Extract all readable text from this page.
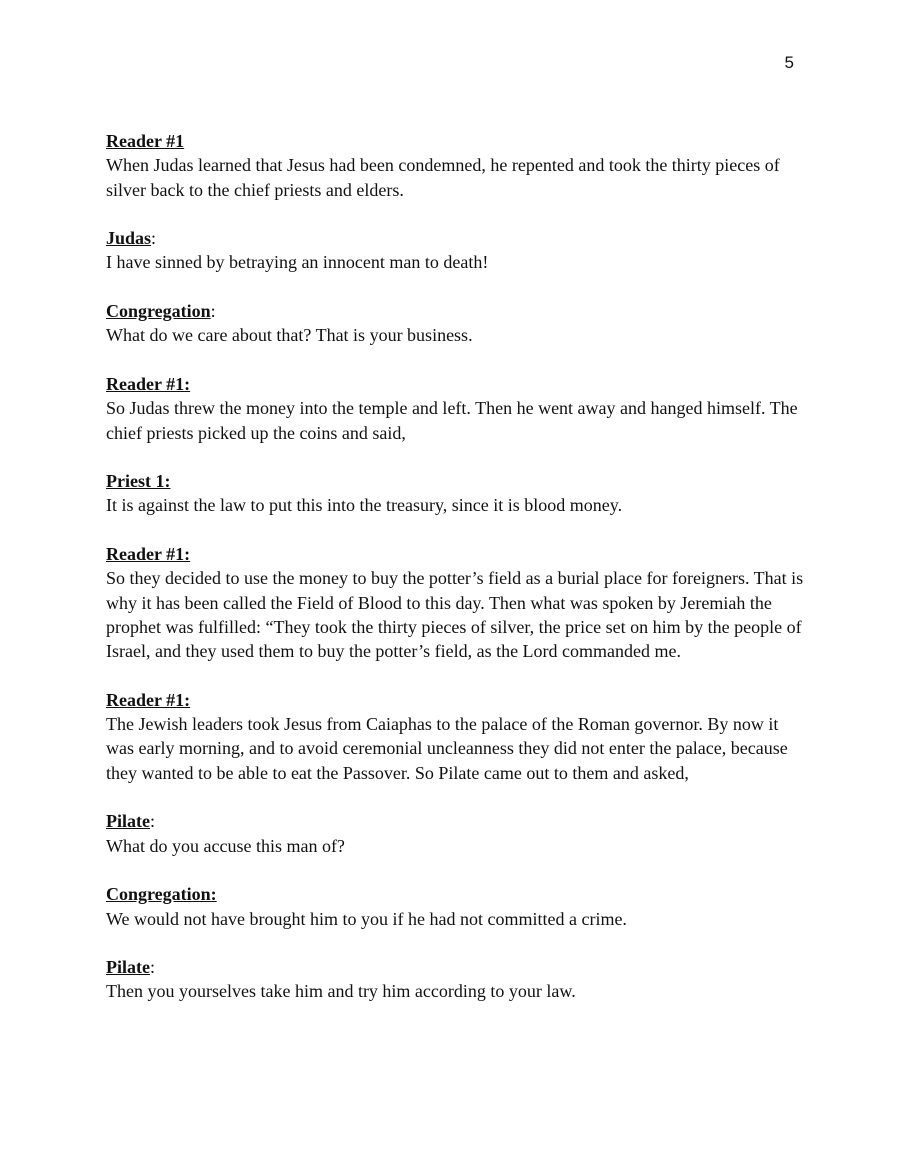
5
Reader #1
When Judas learned that Jesus had been condemned, he repented and took the thirty pieces of
silver back to the chief priests and elders.
Judas:
I have sinned by betraying an innocent man to death!
Congregation:
What do we care about that? That is your business.
Reader #1:
So Judas threw the money into the temple and left. Then he went away and hanged himself. The
chief priests picked up the coins and said,
Priest 1:
It is against the law to put this into the treasury, since it is blood money.
Reader #1:
So they decided to use the money to buy the potter’s field as a burial place for foreigners. That is
why it has been called the Field of Blood to this day. Then what was spoken by Jeremiah the
prophet was fulfilled: “They took the thirty pieces of silver, the price set on him by the people of
Israel, and they used them to buy the potter’s field, as the Lord commanded me.
Reader #1:
The Jewish leaders took Jesus from Caiaphas to the palace of the Roman governor. By now it
was early morning, and to avoid ceremonial uncleanness they did not enter the palace, because
they wanted to be able to eat the Passover. So Pilate came out to them and asked,
Pilate:
What do you accuse this man of?
Congregation:
We would not have brought him to you if he had not committed a crime.
Pilate:
Then you yourselves take him and try him according to your law.
